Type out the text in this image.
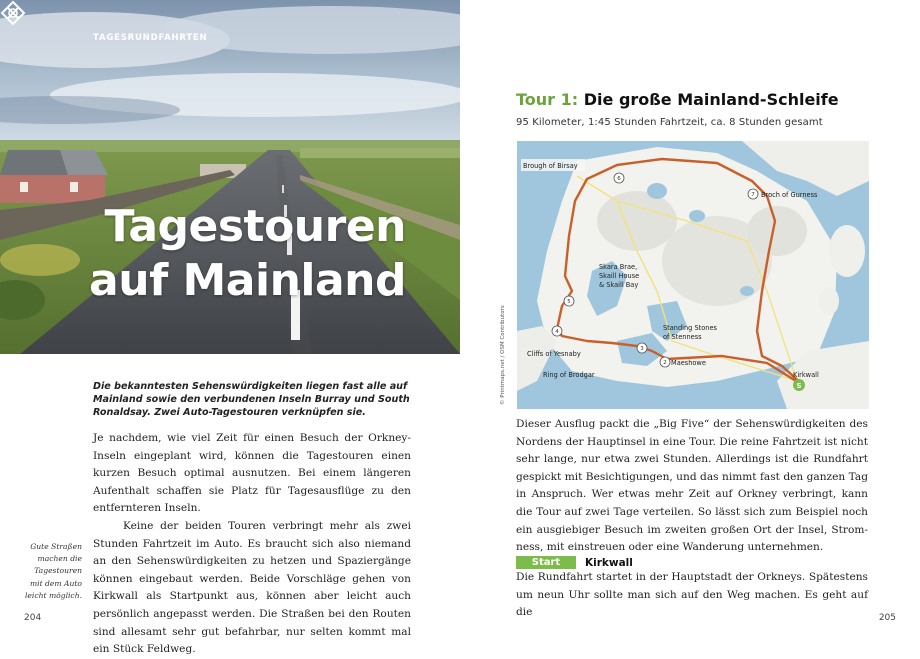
TAGESRUNDFAHRTEN
Tagestouren
auf Mainland
Die bekanntesten Sehenswürdigkeiten liegen fast alle auf Mainland sowie den verbundenen Inseln Burray und South Ronaldsay. Zwei Auto-Tagestouren verknüpfen sie.

Je nachdem, wie viel Zeit für einen Besuch der Orkney-Inseln eingeplant wird, können die Tagestouren einen kurzen Besuch optimal ausnutzen. Bei einem längeren Aufenthalt schaffen sie Platz für Tagesausflüge zu den entfernteren Inseln.

Keine der beiden Touren verbringt mehr als zwei Stunden Fahrtzeit im Auto. Es braucht sich also niemand an den Sehenswürdigkeiten zu hetzen und Spaziergänge können eingebaut werden. Beide Vorschläge gehen von Kirkwall als Startpunkt aus, können aber leicht auch persönlich angepasst werden. Die Straßen bei den Routen sind allesamt sehr gut befahrbar, nur selten kommt mal ein Stück Feldweg.

Gute Straßen machen die Tagestouren mit dem Auto leicht möglich.
204
Tour 1: Die große Mainland-Schleife
95 Kilometer, 1:45 Stunden Fahrtzeit, ca. 8 Stunden gesamt
6
7
5
4
3
2
S
Brough of Birsay
Broch of Gurness
Skara Brae,
Skaill House
& Skaill Bay
Standing Stones
of Stenness
Cliffs of Yesnaby
Ring of Brodgar
Maeshowe
Kirkwall
© Printmaps.net / OSM Contributors

Dieser Ausflug packt die „Big Five“ der Sehenswürdigkeiten des Nordens der Hauptinsel in eine Tour. Die reine Fahrtzeit ist nicht sehr lange, nur etwa zwei Stunden. Allerdings ist die Rundfahrt gespickt mit Besichtigungen, und das nimmt fast den ganzen Tag in Anspruch. Wer etwas mehr Zeit auf Orkney verbringt, kann die Tour auf zwei Tage verteilen. So lässt sich zum Beispiel noch ein ausgiebiger Besuch im zweiten großen Ort der Insel, Stromness, mit einstreuen oder eine Wanderung unternehmen.

Start	Kirkwall

Die Rundfahrt startet in der Hauptstadt der Orkneys. Spätestens um neun Uhr sollte man sich auf den Weg machen. Es geht auf die	205
